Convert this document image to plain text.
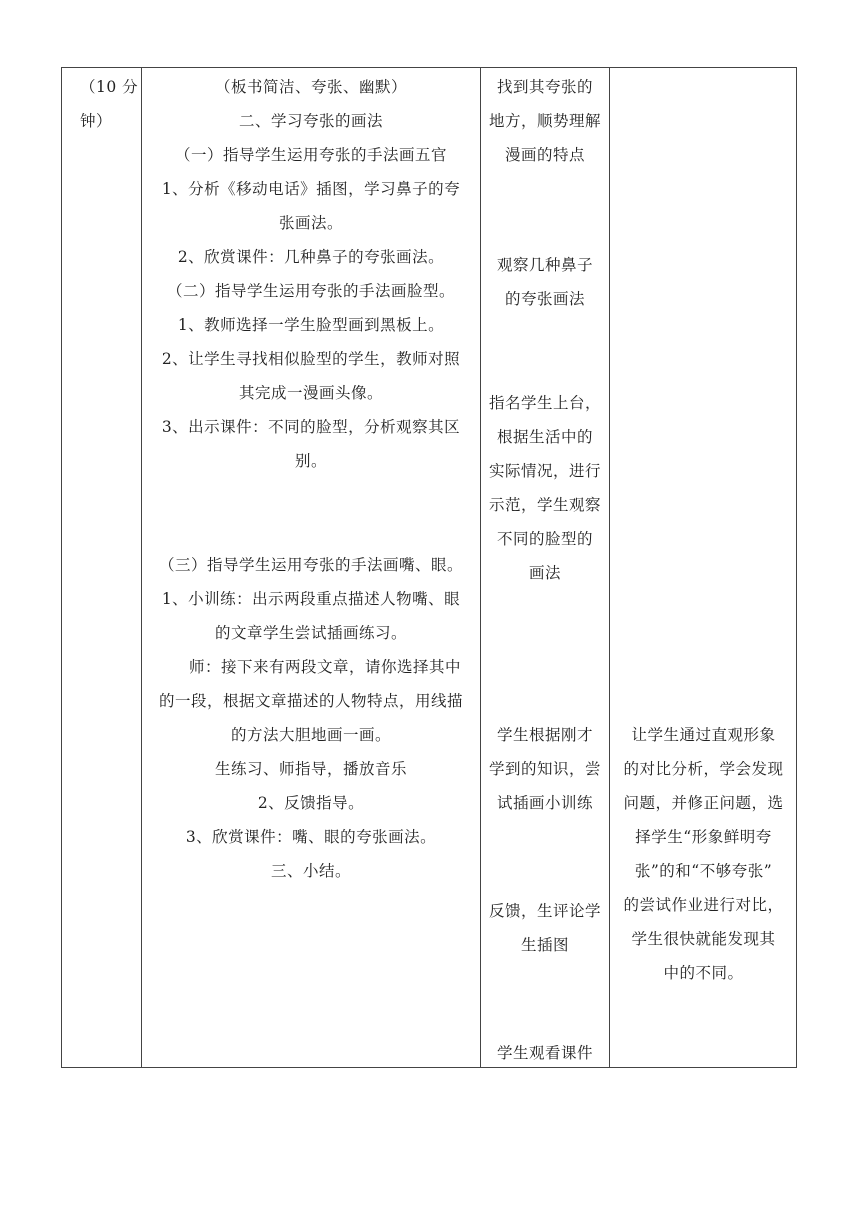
（10 分
钟）
（板书简洁、夸张、幽默）
二、学习夸张的画法
（一）指导学生运用夸张的手法画五官
1、分析《移动电话》插图，学习鼻子的夸
张画法。
2、欣赏课件：几种鼻子的夸张画法。
（二）指导学生运用夸张的手法画脸型。
1、教师选择一学生脸型画到黑板上。
2、让学生寻找相似脸型的学生，教师对照
其完成一漫画头像。
3、出示课件：不同的脸型，分析观察其区
别。
（三）指导学生运用夸张的手法画嘴、眼。
1、小训练：出示两段重点描述人物嘴、眼
的文章学生尝试插画练习。
师：接下来有两段文章，请你选择其中
的一段，根据文章描述的人物特点，用线描
的方法大胆地画一画。
生练习、师指导，播放音乐
2、反馈指导。
3、欣赏课件：嘴、眼的夸张画法。
三、小结。
找到其夸张的
地方，顺势理解
漫画的特点
观察几种鼻子
的夸张画法
指名学生上台，
根据生活中的
实际情况，进行
示范，学生观察
不同的脸型的
画法
学生根据刚才
学到的知识，尝
试插画小训练
反馈，生评论学
生插图
学生观看课件
让学生通过直观形象
的对比分析，学会发现
问题，并修正问题，选
择学生“形象鲜明夸
张”的和“不够夸张”
的尝试作业进行对比，
学生很快就能发现其
中的不同。
